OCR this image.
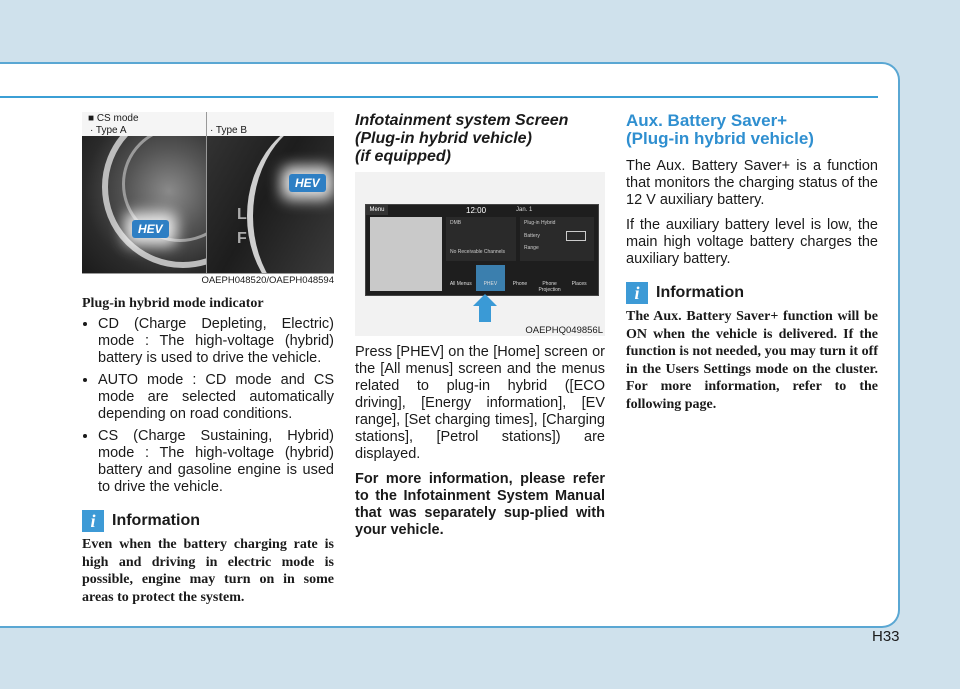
■ CS mode
· Type A	· Type B
HEV
L
F
HEV
OAEPH048520/OAEPH048594
Plug-in hybrid mode indicator
• CD (Charge Depleting, Electric) mode : The high-voltage (hybrid) battery is used to drive the vehicle.
• AUTO mode : CD mode and CS mode are selected automatically depending on road conditions.
• CS (Charge Sustaining, Hybrid) mode : The high-voltage (hybrid) battery and gasoline engine is used to drive the vehicle.
i	Information
Even when the battery charging rate is high and driving in electric mode is possible, engine may turn on in some areas to protect the system.
Infotainment system Screen
(Plug-in hybrid vehicle)
(if equipped)
Menu	12:00	Jan. 1
DMB
No Receivable Channels
Plug-in Hybrid
Battery
Range
All Menus	PHEV	Phone	Phone Projection
Places
OAEPHQ049856L

Press [PHEV] on the [Home] screen or the [All menus] screen and the menus related to plug-in hybrid ([ECO driving], [Energy information], [EV range], [Set charging times], [Charging stations], [Petrol stations]) are displayed.

For more information, please refer to the Infotainment System Manual that was separately sup-plied with your vehicle.

Aux. Battery Saver+
(Plug-in hybrid vehicle)

The Aux. Battery Saver+ is a function that monitors the charging status of the 12 V auxiliary battery.

If the auxiliary battery level is low, the main high voltage battery charges the auxiliary battery.

i	Information
The Aux. Battery Saver+ function will be ON when the vehicle is delivered. If the function is not needed, you may turn it off in the Users Settings mode on the cluster. For more information, refer to the following page.
H33
